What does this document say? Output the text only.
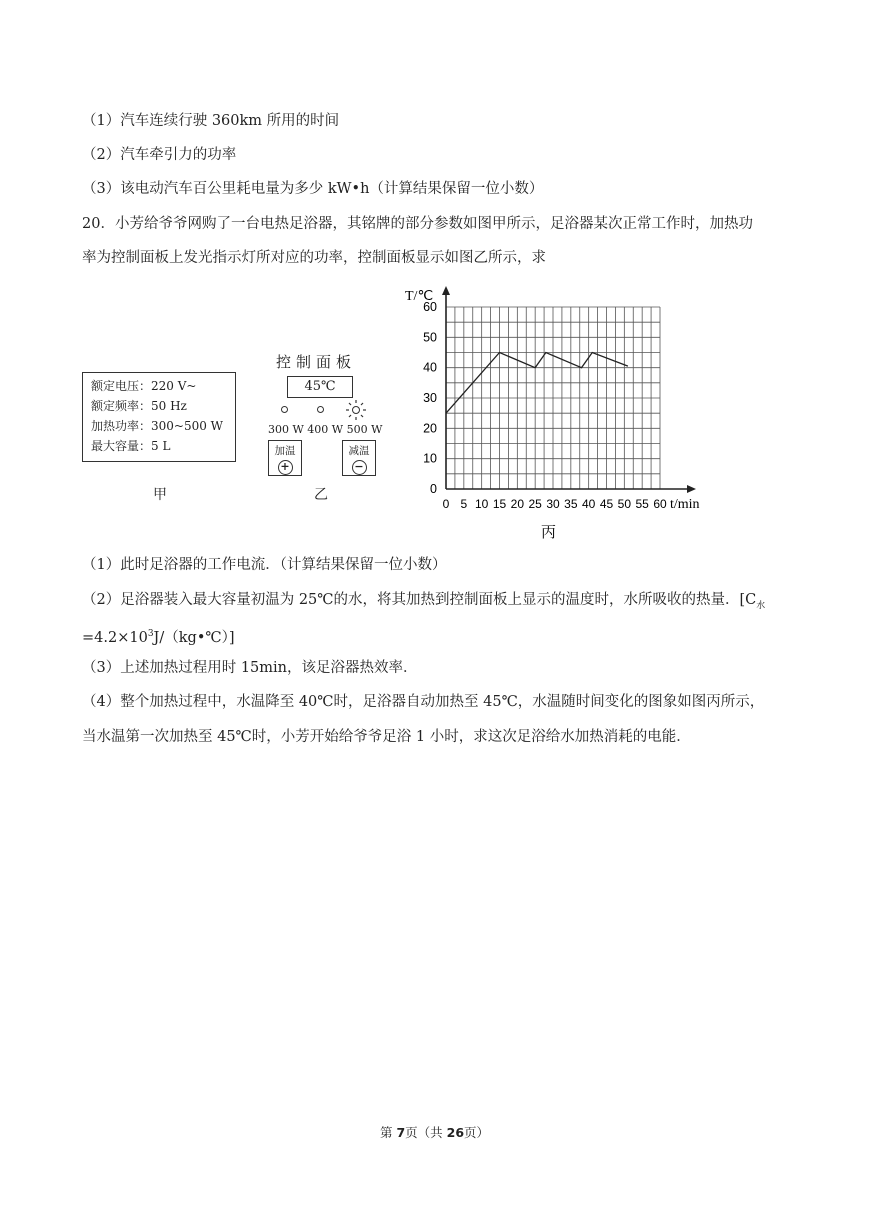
（1）汽车连续行驶 360km 所用的时间
（2）汽车牵引力的功率
（3）该电动汽车百公里耗电量为多少 kW•h（计算结果保留一位小数）
20．小芳给爷爷网购了一台电热足浴器，其铭牌的部分参数如图甲所示，足浴器某次正常工作时，加热功
率为控制面板上发光指示灯所对应的功率，控制面板显示如图乙所示，求
额定电压：220 V~
额定频率：50 Hz
加热功率：300~500 W
最大容量：5 L
甲
控制面板
45℃
300 W 400 W 500 W
加温
+
减温
−
乙	0
10
20
30
40
50
60
0 5 10 15 20 25 30 35 40 45 50 55 60
T/℃
t/min
丙
（1）此时足浴器的工作电流．（计算结果保留一位小数）
（2）足浴器装入最大容量初温为 25℃的水，将其加热到控制面板上显示的温度时，水所吸收的热量．[$C_水$
$=4.2\times 10^3J/(kg•℃)$]
（3）上述加热过程用时 15min，该足浴器热效率．
（4）整个加热过程中，水温降至 40℃时，足浴器自动加热至 45℃，水温随时间变化的图象如图丙所示，
当水温第一次加热至 45℃时，小芳开始给爷爷足浴 1 小时，求这次足浴给水加热消耗的电能．
第 7页（共 26页）
